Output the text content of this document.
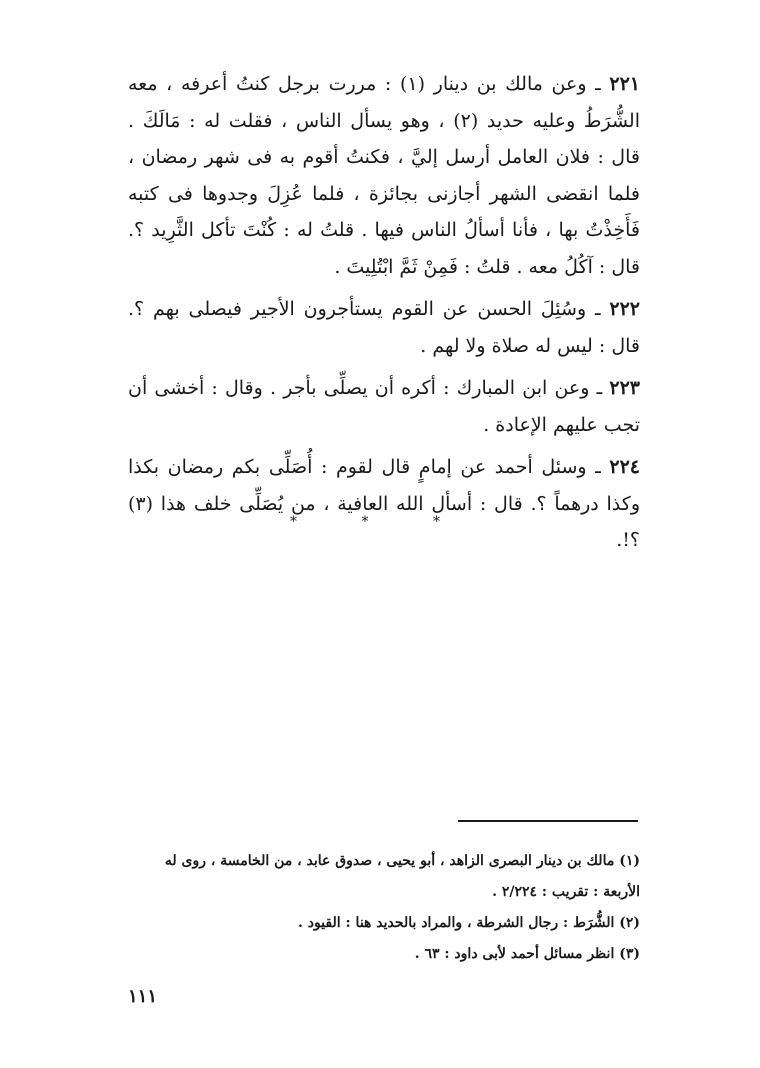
٢٢١ ـ وعن مالك بن دينار (١) : مررت برجل كنتُ أعرفه ، معه الشُّرَطُ وعليه حديد (٢) ، وهو يسأل الناس ، فقلت له : مَالَكَ . قال : فلان العامل أرسل إليَّ ، فكنتُ أقوم به فى شهر رمضان ، فلما انقضى الشهر أجازنى بجائزة ، فلما عُزِلَ وجدوها فى كتبه فَأَخِذْتُ بها ، فأنا أسألُ الناس فيها . قلتُ له : كُنْتَ تأكل الثَّرِيد ؟. قال : آكُلُ معه . قلتُ : فَمِنْ ثَمَّ ابْتُلِيتَ .

٢٢٢ ـ وسُئِلَ الحسن عن القوم يستأجرون الأجير فيصلى بهم ؟. قال : ليس له صلاة ولا لهم .

٢٢٣ ـ وعن ابن المبارك : أكره أن يصلِّى بأجر . وقال : أخشى أن تجب عليهم الإعادة .

٢٢٤ ـ وسئل أحمد عن إمامٍ قال لقوم : أُصَلِّى بكم رمضان بكذا وكذا درهماً ؟. قال : أسأل الله العافية ، من يُصَلِّى خلف هذا (٣) ؟!.

* * *

(١) مالك بن دينار البصرى الزاهد ، أبو يحيى ، صدوق عابد ، من الخامسة ، روى له الأربعة : تقريب : ٢/٢٢٤ .

(٢) الشُّرَط : رجال الشرطة ، والمراد بالحديد هنا : القيود .

(٣) انظر مسائل أحمد لأبى داود : ٦٣ .

١١١
